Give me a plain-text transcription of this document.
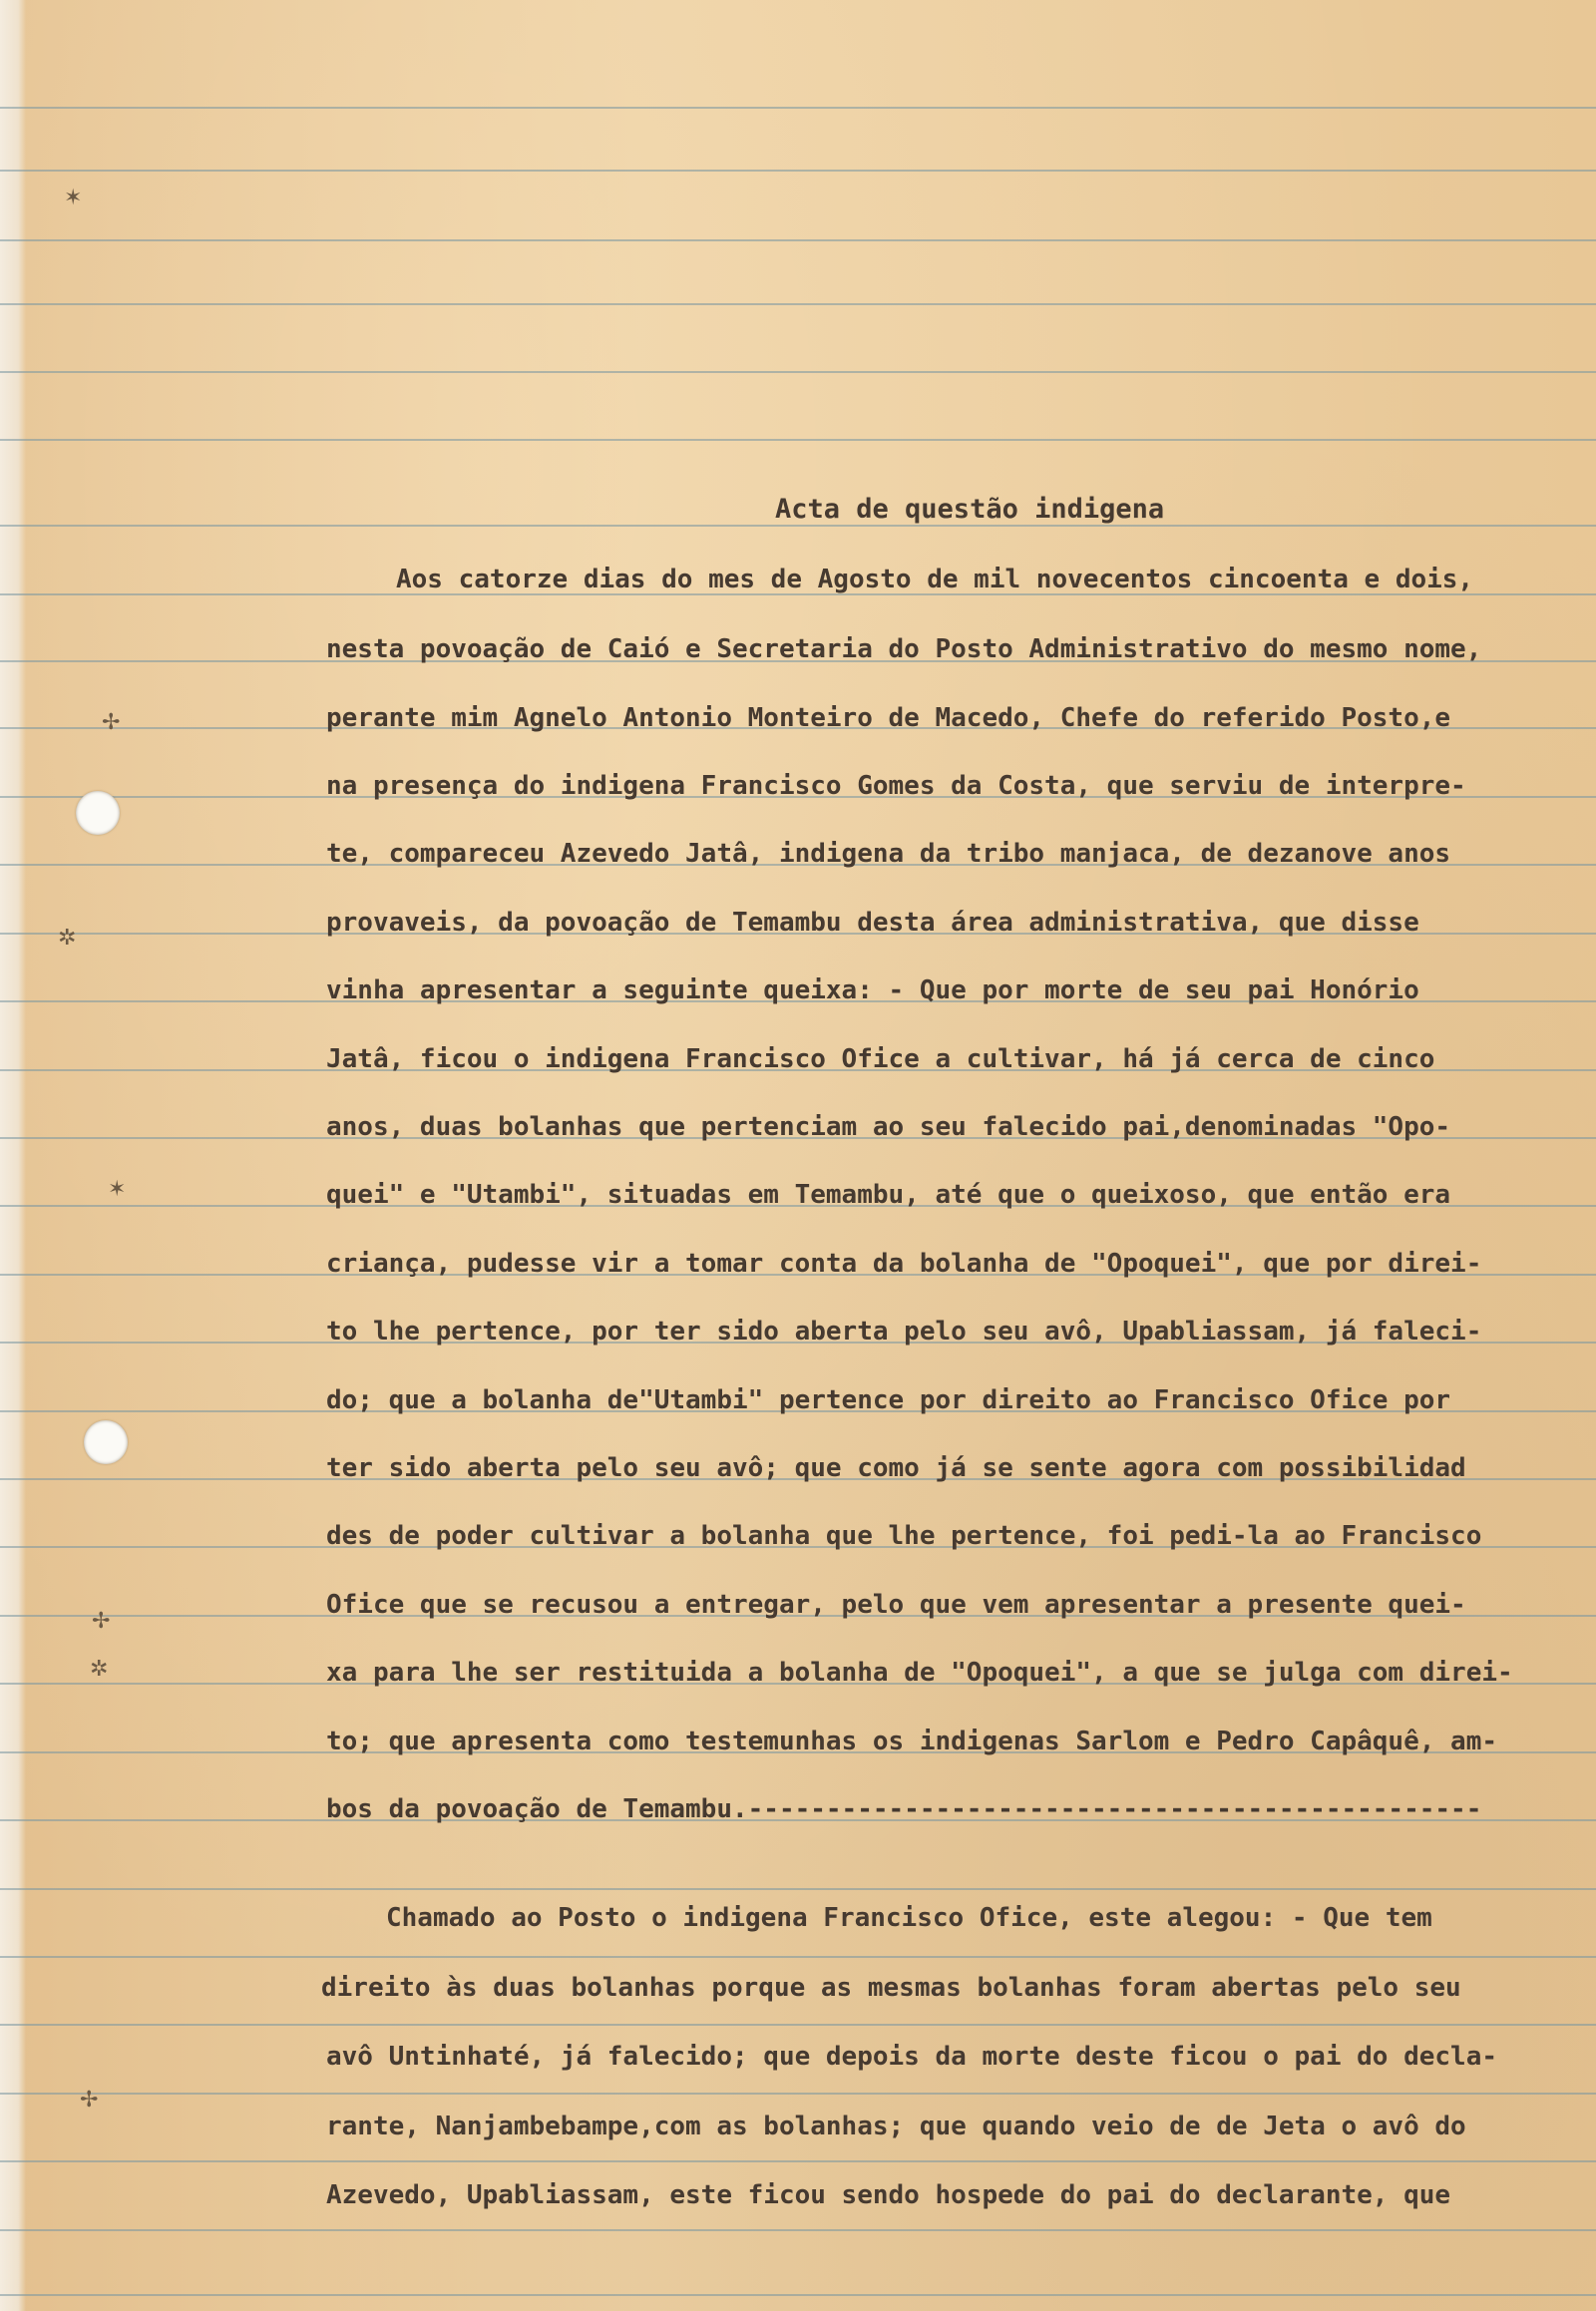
✶
✢
✲
✶
✢
✲
✢
Acta de questão indigena
Aos catorze dias do mes de Agosto de mil novecentos cincoenta e dois,
nesta povoação de Caió e Secretaria do Posto Administrativo do mesmo nome,
perante mim Agnelo Antonio Monteiro de Macedo, Chefe do referido Posto,e
na presença do indigena Francisco Gomes da Costa, que serviu de interpre-
te, compareceu Azevedo Jatâ, indigena da tribo manjaca, de dezanove anos
provaveis, da povoação de Temambu desta área administrativa, que disse
vinha apresentar a seguinte queixa: - Que por morte de seu pai Honório
Jatâ, ficou o indigena Francisco Ofice a cultivar, há já cerca de cinco
anos, duas bolanhas que pertenciam ao seu falecido pai,denominadas "Opo-
quei" e "Utambi", situadas em Temambu, até que o queixoso, que então era
criança, pudesse vir a tomar conta da bolanha de "Opoquei", que por direi-
to lhe pertence, por ter sido aberta pelo seu avô, Upabliassam, já faleci-
do; que a bolanha de"Utambi" pertence por direito ao Francisco Ofice por
ter sido aberta pelo seu avô; que como já se sente agora com possibilidad
des de poder cultivar a bolanha que lhe pertence, foi pedi-la ao Francisco
Ofice que se recusou a entregar, pelo que vem apresentar a presente quei-
xa para lhe ser restituida a bolanha de "Opoquei", a que se julga com direi-
to; que apresenta como testemunhas os indigenas Sarlom e Pedro Capâquê, am-
bos da povoação de Temambu.-----------------------------------------------
Chamado ao Posto o indigena Francisco Ofice, este alegou: - Que tem
direito às duas bolanhas porque as mesmas bolanhas foram abertas pelo seu
avô Untinhaté, já falecido; que depois da morte deste ficou o pai do decla-
rante, Nanjambebampe,com as bolanhas; que quando veio de de Jeta o avô do
Azevedo, Upabliassam, este ficou sendo hospede do pai do declarante, que
